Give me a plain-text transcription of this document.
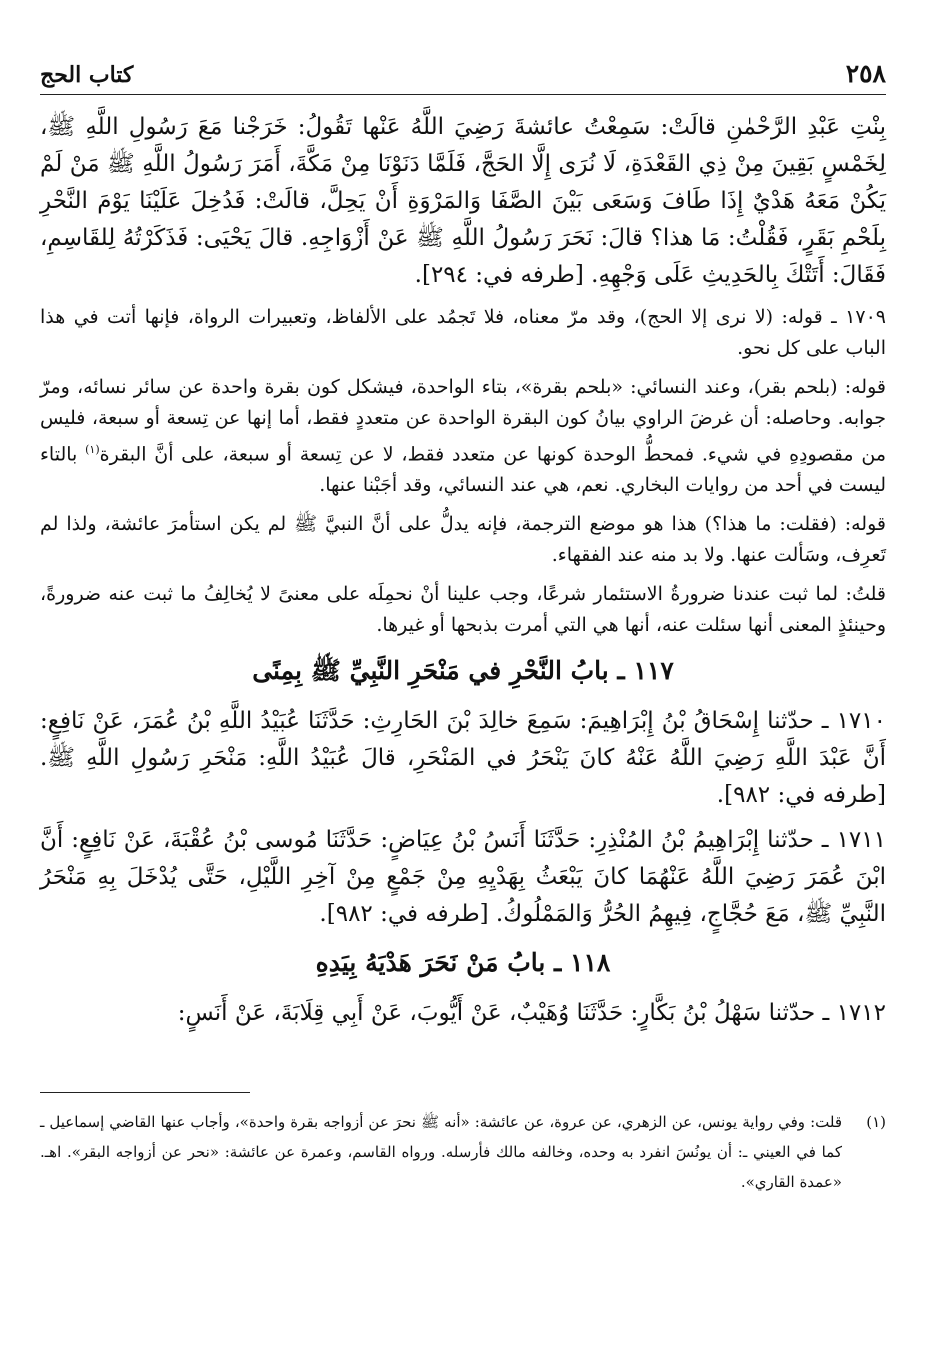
٢٥٨
كتاب الحج

بِنْتِ عَبْدِ الرَّحْمٰنِ قالَتْ: سَمِعْتُ عائشةَ رَضِيَ اللَّهُ عَنْها تَقُولُ: خَرَجْنا مَعَ رَسُولِ اللَّهِ ﷺ، لِخَمْسٍ بَقِينَ مِنْ ذِي القَعْدَةِ، لَا نُرَى إِلَّا الحَجَّ، فَلَمَّا دَنَوْنَا مِنْ مَكَّةَ، أَمَرَ رَسُولُ اللَّهِ ﷺ مَنْ لَمْ يَكُنْ مَعَهُ هَدْيٌ إِذَا طَافَ وَسَعَى بَيْنَ الصَّفَا وَالمَرْوَةِ أَنْ يَحِلَّ، قالَتْ: فَدُخِلَ عَلَيْنَا يَوْمَ النَّحْرِ بِلَحْمِ بَقَرٍ، فَقُلْتُ: مَا هذا؟ قالَ: نَحَرَ رَسُولُ اللَّهِ ﷺ عَنْ أَزْوَاجِهِ. قالَ يَحْيَى: فَذَكَرْتُهُ لِلقَاسِمِ، فَقَالَ: أَتَتْكَ بِالحَدِيثِ عَلَى وَجْهِهِ. [طرفه في: ٢٩٤].

١٧٠٩ ـ قوله: (لا نرى إلا الحج)، وقد مرّ معناه، فلا تَجمُد على الألفاظ، وتعبيرات الرواة، فإنها أتت في هذا الباب على كل نحو.

قوله: (بلحم بقر)، وعند النسائي: «بلحم بقرة»، بتاء الواحدة، فيشكل كون بقرة واحدة عن سائر نسائه، ومرّ جوابه. وحاصله: أن غرضَ الراوي بيانُ كون البقرة الواحدة عن متعددٍ فقط، أما إنها عن تِسعة أو سبعة، فليس من مقصودِهِ في شيء. فمحطُّ الوحدة كونها عن متعدد فقط، لا عن تِسعة أو سبعة، على أنَّ البقرة$^{(١)}$ بالتاء ليست في أحد من روايات البخاري. نعم، هي عند النسائي، وقد أجَبْنا عنها.

قوله: (فقلت: ما هذا؟) هذا هو موضع الترجمة، فإنه يدلُّ على أنَّ النبيَّ ﷺ لم يكن استأمرَ عائشة، ولذا لم تَعرِف، وسَألت عنها. ولا بد منه عند الفقهاء.

قلتُ: لما ثبت عندنا ضرورةُ الاستئمار شرعًا، وجب علينا أنْ نحمِلَه على معنىً لا يُخالِفُ ما ثبت عنه ضرورةً، وحينئذٍ المعنى أنها سئلت عنه، أنها هي التي أمرت بذبحها أو غيرها.

١١٧ ـ بابُ النَّحْرِ في مَنْحَرِ النَّبِيِّ ﷺ بِمِنًى

١٧١٠ ـ حدّثنا إِسْحَاقُ بْنُ إِبْرَاهِيمَ: سَمِعَ خالِدَ بْنَ الحَارِثِ: حَدَّثَنَا عُبَيْدُ اللَّهِ بْنُ عُمَرَ، عَنْ نَافِعٍ: أَنَّ عَبْدَ اللَّهِ رَضِيَ اللَّهُ عَنْهُ كانَ يَنْحَرُ في المَنْحَرِ، قالَ عُبَيْدُ اللَّهِ: مَنْحَرِ رَسُولِ اللَّهِ ﷺ. [طرفه في: ٩٨٢].

١٧١١ ـ حدّثنا إِبْرَاهِيمُ بْنُ المُنْذِرِ: حَدَّثَنَا أَنَسُ بْنُ عِيَاضٍ: حَدَّثَنَا مُوسى بْنُ عُقْبَةَ، عَنْ نَافِعٍ: أَنَّ ابْنَ عُمَرَ رَضِيَ اللَّهُ عَنْهُمَا كانَ يَبْعَثُ بِهَدْيِهِ مِنْ جَمْعٍ مِنْ آخِرِ اللَّيْلِ، حَتَّى يُدْخَلَ بِهِ مَنْحَرُ النَّبِيِّ ﷺ، مَعَ حُجَّاجٍ، فِيهِمُ الحُرُّ وَالمَمْلُوكُ. [طرفه في: ٩٨٢].

١١٨ ـ بابُ مَنْ نَحَرَ هَدْيَهُ بِيَدِهِ

١٧١٢ ـ حدّثنا سَهْلُ بْنُ بَكَّارٍ: حَدَّثَنَا وُهَيْبٌ، عَنْ أَيُّوبَ، عَنْ أَبِي قِلَابَةَ، عَنْ أَنَسٍ:

(١)
قلت: وفي رواية يونس، عن الزهري، عن عروة، عن عائشة: «أنه ﷺ نحرَ عن أزواجه بقرة واحدة»، وأجاب عنها القاضي إسماعيل ـ كما في العيني ـ: أن يونُسَ انفرد به وحده، وخالفه مالك فأرسله. ورواه القاسم، وعمرة عن عائشة: «نحر عن أزواجه البقر». اهـ. «عمدة القاري».
